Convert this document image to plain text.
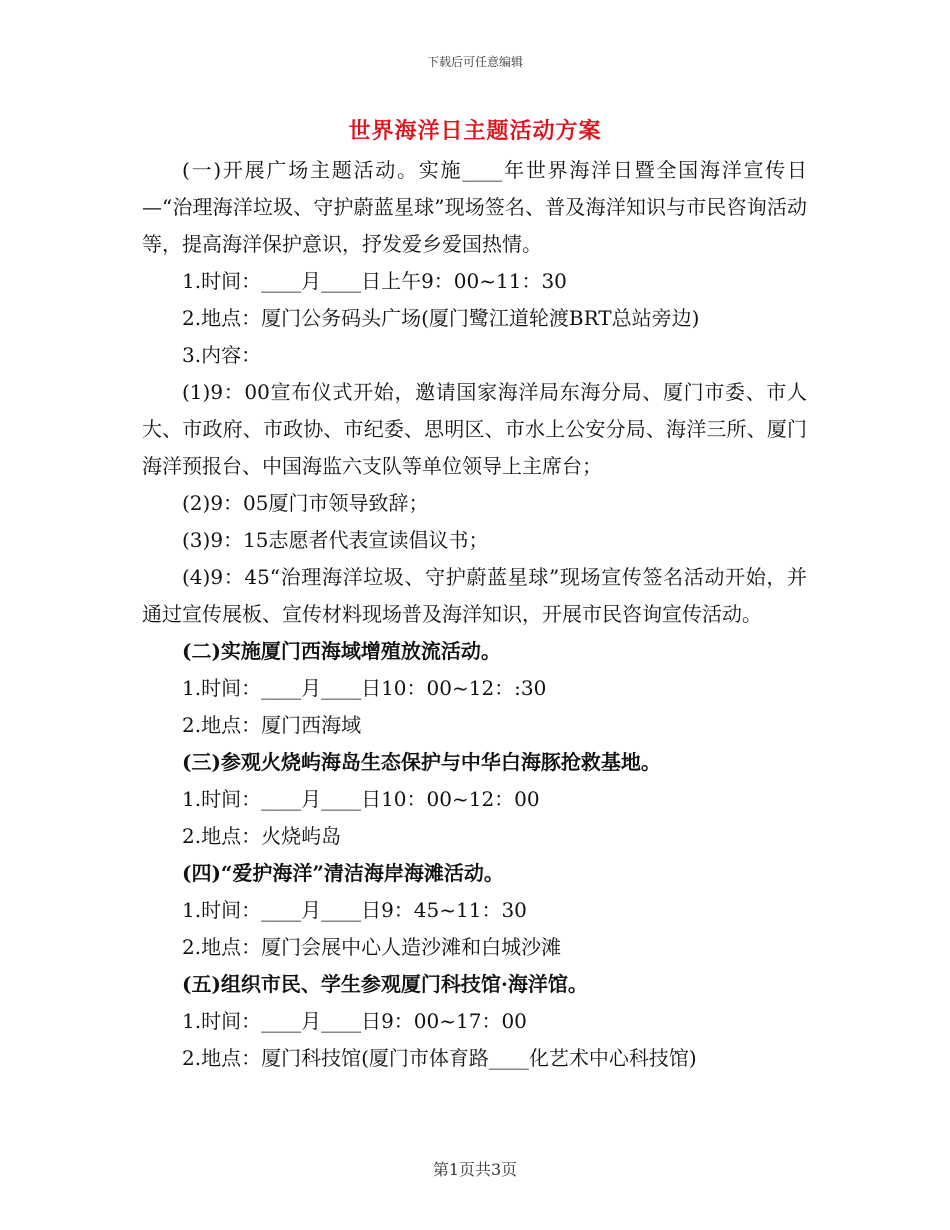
下载后可任意编辑
世界海洋日主题活动方案

(一)开展广场主题活动。实施____年世界海洋日暨全国海洋宣传日—“治理海洋垃圾、守护蔚蓝星球”现场签名、普及海洋知识与市民咨询活动等，提高海洋保护意识，抒发爱乡爱国热情。

1.时间：____月____日上午9：00~11：30

2.地点：厦门公务码头广场(厦门鹭江道轮渡BRT总站旁边)

3.内容：

(1)9：00宣布仪式开始，邀请国家海洋局东海分局、厦门市委、市人大、市政府、市政协、市纪委、思明区、市水上公安分局、海洋三所、厦门海洋预报台、中国海监六支队等单位领导上主席台；

(2)9：05厦门市领导致辞；

(3)9：15志愿者代表宣读倡议书；

(4)9：45“治理海洋垃圾、守护蔚蓝星球”现场宣传签名活动开始，并通过宣传展板、宣传材料现场普及海洋知识，开展市民咨询宣传活动。

(二)实施厦门西海域增殖放流活动。

1.时间：____月____日10：00~12：:30

2.地点：厦门西海域

(三)参观火烧屿海岛生态保护与中华白海豚抢救基地。

1.时间：____月____日10：00~12：00

2.地点：火烧屿岛

(四)“爱护海洋”清洁海岸海滩活动。

1.时间：____月____日9：45~11：30

2.地点：厦门会展中心人造沙滩和白城沙滩

(五)组织市民、学生参观厦门科技馆·海洋馆。

1.时间：____月____日9：00~17：00

2.地点：厦门科技馆(厦门市体育路____化艺术中心科技馆)

第1页共3页
